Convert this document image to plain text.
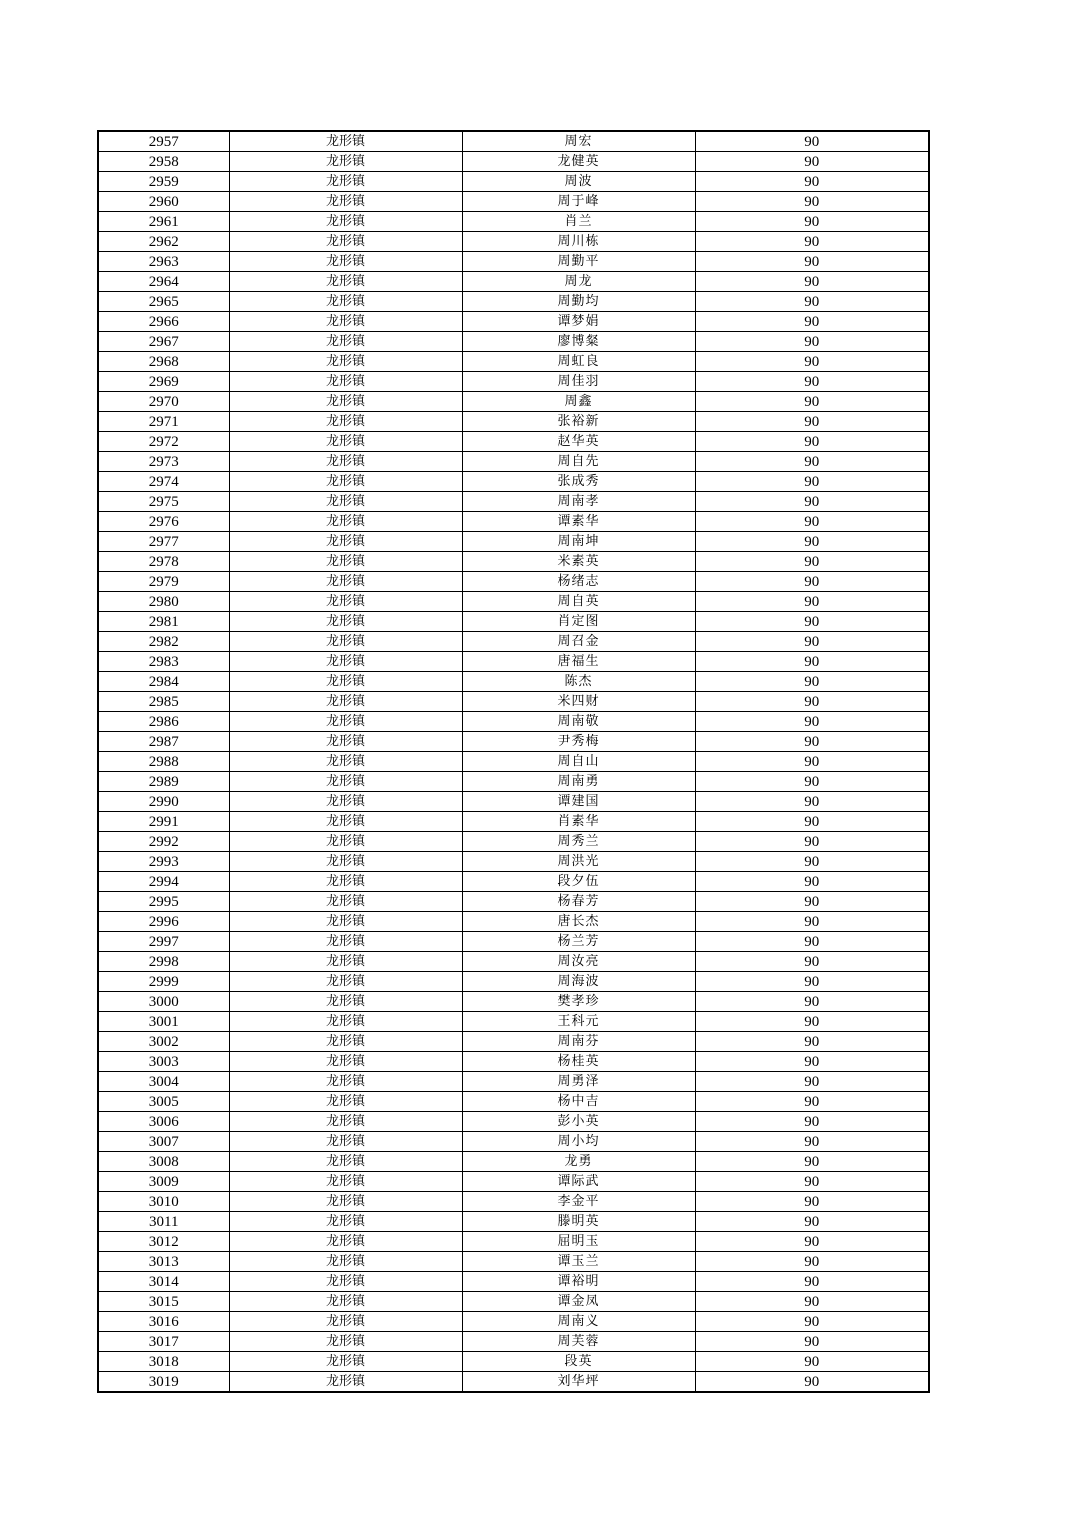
2957	龙形镇	周宏	90
2958	龙形镇	龙健英	90
2959	龙形镇	周波	90
2960	龙形镇	周于峰	90
2961	龙形镇	肖兰	90
2962	龙形镇	周川栋	90
2963	龙形镇	周勤平	90
2964	龙形镇	周龙	90
2965	龙形镇	周勤均	90
2966	龙形镇	谭梦娟	90
2967	龙形镇	廖博粲	90
2968	龙形镇	周虹良	90
2969	龙形镇	周佳羽	90
2970	龙形镇	周鑫	90
2971	龙形镇	张裕新	90
2972	龙形镇	赵华英	90
2973	龙形镇	周自先	90
2974	龙形镇	张成秀	90
2975	龙形镇	周南孝	90
2976	龙形镇	谭素华	90
2977	龙形镇	周南坤	90
2978	龙形镇	米素英	90
2979	龙形镇	杨绪志	90
2980	龙形镇	周自英	90
2981	龙形镇	肖定图	90
2982	龙形镇	周召金	90
2983	龙形镇	唐福生	90
2984	龙形镇	陈杰	90
2985	龙形镇	米四财	90
2986	龙形镇	周南敬	90
2987	龙形镇	尹秀梅	90
2988	龙形镇	周自山	90
2989	龙形镇	周南勇	90
2990	龙形镇	谭建国	90
2991	龙形镇	肖素华	90
2992	龙形镇	周秀兰	90
2993	龙形镇	周洪光	90
2994	龙形镇	段夕伍	90
2995	龙形镇	杨春芳	90
2996	龙形镇	唐长杰	90
2997	龙形镇	杨兰芳	90
2998	龙形镇	周汝亮	90
2999	龙形镇	周海波	90
3000	龙形镇	樊孝珍	90
3001	龙形镇	王科元	90
3002	龙形镇	周南芬	90
3003	龙形镇	杨桂英	90
3004	龙形镇	周勇泽	90
3005	龙形镇	杨中吉	90
3006	龙形镇	彭小英	90
3007	龙形镇	周小均	90
3008	龙形镇	龙勇	90
3009	龙形镇	谭际武	90
3010	龙形镇	李金平	90
3011	龙形镇	滕明英	90
3012	龙形镇	屈明玉	90
3013	龙形镇	谭玉兰	90
3014	龙形镇	谭裕明	90
3015	龙形镇	谭金凤	90
3016	龙形镇	周南义	90
3017	龙形镇	周芙蓉	90
3018	龙形镇	段英	90
3019	龙形镇	刘华坪	90
